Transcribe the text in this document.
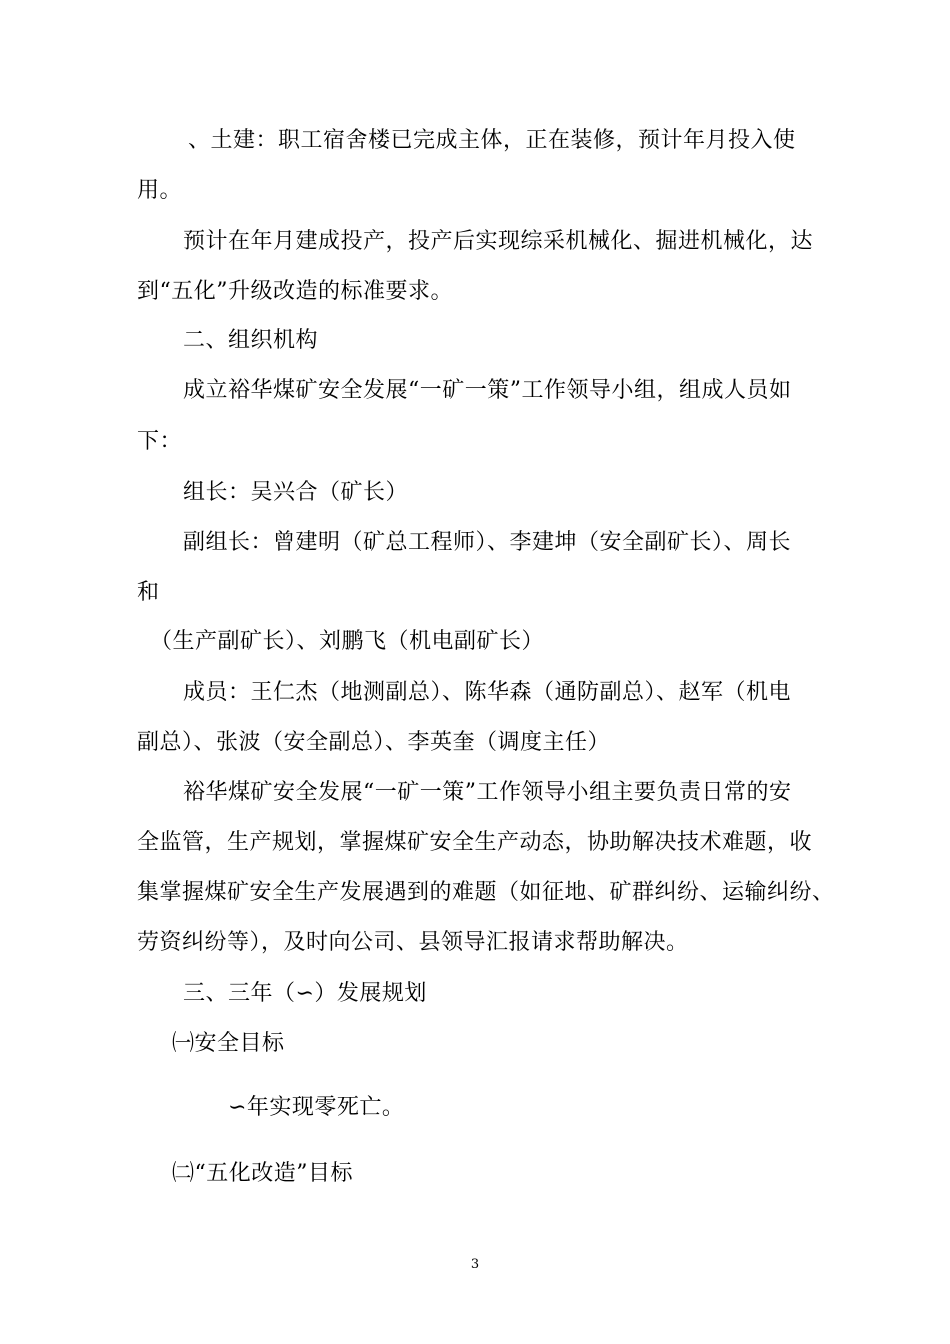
、土建：职工宿舍楼已完成主体，正在装修，预计年月投入使
用。
预计在年月建成投产，投产后实现综采机械化、掘进机械化，达
到“五化”升级改造的标准要求。
二、组织机构
成立裕华煤矿安全发展“一矿一策”工作领导小组，组成人员如
下：
组长：吴兴合（矿长）
副组长：曾建明（矿总工程师）、李建坤（安全副矿长）、周长
和
（生产副矿长）、刘鹏飞（机电副矿长）
成员：王仁杰（地测副总）、陈华森（通防副总）、赵军（机电
副总）、张波（安全副总）、李英奎（调度主任）
裕华煤矿安全发展“一矿一策”工作领导小组主要负责日常的安
全监管，生产规划，掌握煤矿安全生产动态，协助解决技术难题，收
集掌握煤矿安全生产发展遇到的难题（如征地、矿群纠纷、运输纠纷、
劳资纠纷等），及时向公司、县领导汇报请求帮助解决。
三、三年（∽）发展规划
㈠安全目标
∽年实现零死亡。
㈡“五化改造”目标
3
